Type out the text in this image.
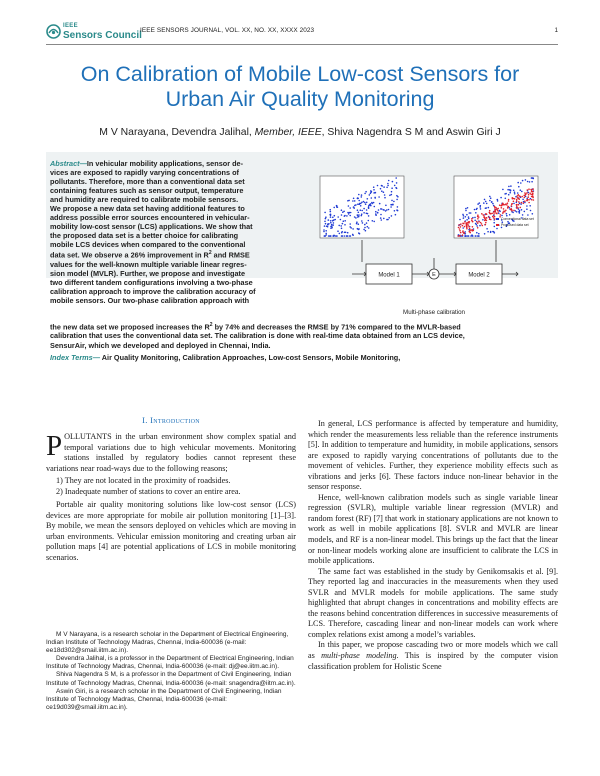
IEEE
Sensors Council
IEEE SENSORS JOURNAL, VOL. XX, NO. XX, XXXX 2023	1
On Calibration of Mobile Low-cost Sensors for
Urban Air Quality Monitoring
M V Narayana, Devendra Jalihal, Member, IEEE, Shiva Nagendra S M and Aswin Giri J
Abstract—In vehicular mobility applications, sensor de-
vices are exposed to rapidly varying concentrations of
pollutants. Therefore, more than a conventional data set
containing features such as sensor output, temperature
and humidity are required to calibrate mobile sensors.
We propose a new data set having additional features to
address possible error sources encountered in vehicular-
mobility low-cost sensor (LCS) applications. We show that
the proposed data set is a better choice for calibrating
mobile LCS devices when compared to the conventional
data set. We observe a 26% improvement in $R^2$ and RMSE
values for the well-known multiple variable linear regres-
sion model (MVLR). Further, we propose and investigate
two different tandem configurations involving a two-phase
calibration approach to improve the calibration accuracy of
mobile sensors. Our two-phase calibration approach with
the new data set we proposed increases the $R^2$ by 74% and decreases the RMSE by 71% compared to the MVLR-based
calibration that uses the conventional data set. The calibration is done with real-time data obtained from an LCS device,
SensurAir, which we developed and deployed in Chennai, India.
Index Terms— Air Quality Monitoring, Calibration Approaches, Low-cost Sensors, Mobile Monitoring,
Conventional data set
Proposed data set
Model 1	E	Model 2
Multi-phase calibration
I. Introduction

POLLUTANTS in the urban environment show complex spatial and temporal variations due to high vehicular movements. Monitoring stations installed by regulatory bodies cannot represent these variations near road-ways due to the following reasons;

1) They are not located in the proximity of roadsides.

2) Inadequate number of stations to cover an entire area.

Portable air quality monitoring solutions like low-cost sensor (LCS) devices are more appropriate for mobile air pollution monitoring [1]–[3]. By mobile, we mean the sensors deployed on vehicles which are moving in urban environments. Vehicular emission monitoring and creating urban air pollution maps [4] are potential applications of LCS in mobile monitoring scenarios.

M V Narayana, is a research scholar in the Department of Electrical Engineering, Indian Institute of Technology Madras, Chennai, India-600036 (e-mail: ee18d302@smail.iitm.ac.in).

Devendra Jalihal, is a professor in the Department of Electrical Engineering, Indian Institute of Technology Madras, Chennai, India-600036 (e-mail: dj@ee.iitm.ac.in).

Shiva Nagendra S M, is a professor in the Department of Civil Engineering, Indian Institute of Technology Madras, Chennai, India-600036 (e-mail: snagendra@iitm.ac.in).

Aswin Giri, is a research scholar in the Department of Civil Engineering, Indian Institute of Technology Madras, Chennai, India-600036 (e-mail: ce19d039@smail.iitm.ac.in).

In general, LCS performance is affected by temperature and humidity, which render the measurements less reliable than the reference instruments [5]. In addition to temperature and humidity, in mobile applications, sensors are exposed to rapidly varying concentrations of pollutants due to the movement of vehicles. Further, they experience mobility effects such as vibrations and jerks [6]. These factors induce non-linear behavior in the sensor response.

Hence, well-known calibration models such as single variable linear regression (SVLR), multiple variable linear regression (MVLR) and random forest (RF) [7] that work in stationary applications are not known to work as well in mobile applications [8]. SVLR and MVLR are linear models, and RF is a non-linear model. This brings up the fact that the linear or non-linear models working alone are insufficient to calibrate the LCS in mobile applications.

The same fact was established in the study by Genikomsakis et al. [9]. They reported lag and inaccuracies in the measurements when they used SVLR and MVLR models for mobile applications. The same study highlighted that abrupt changes in concentrations and mobility effects are the reasons behind concentration differences in successive measurements of LCS. Therefore, cascading linear and non-linear models can work where complex relations exist among a model’s variables.

In this paper, we propose cascading two or more models which we call as multi-phase modeling. This is inspired by the computer vision classification problem for Holistic Scene
